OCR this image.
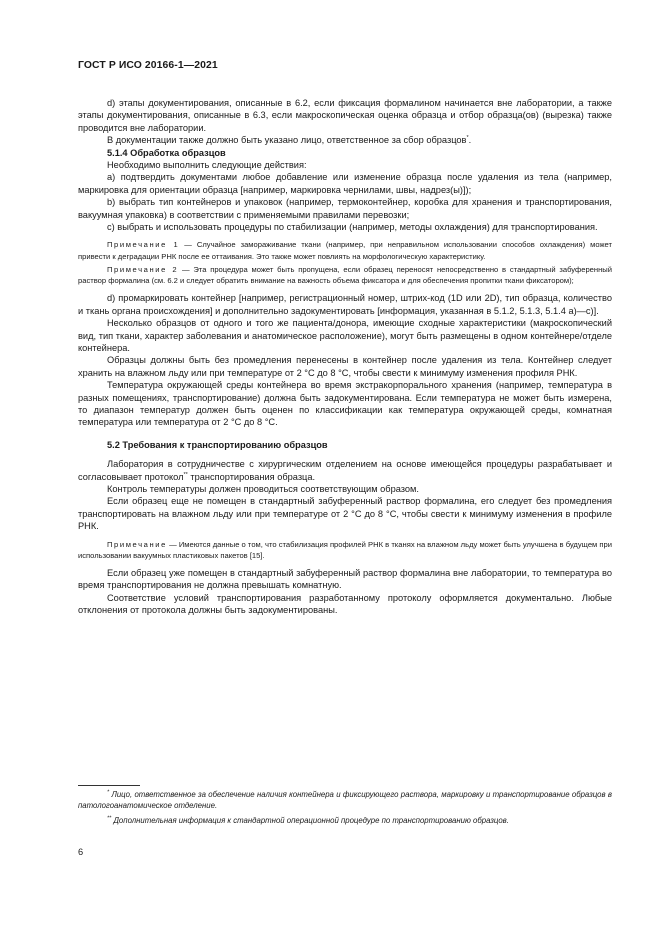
ГОСТ Р ИСО 20166-1—2021

d) этапы документирования, описанные в 6.2, если фиксация формалином начинается вне лаборатории, а также этапы документирования, описанные в 6.3, если макроскопическая оценка образца и отбор образца(ов) (вырезка) также проводится вне лаборатории.

В документации также должно быть указано лицо, ответственное за сбор образцов*.

5.1.4 Обработка образцов

Необходимо выполнить следующие действия:

a) подтвердить документами любое добавление или изменение образца после удаления из тела (например, маркировка для ориентации образца [например, маркировка чернилами, швы, надрез(ы)]);

b) выбрать тип контейнеров и упаковок (например, термоконтейнер, коробка для хранения и транспортирования, вакуумная упаковка) в соответствии с применяемыми правилами перевозки;

c) выбрать и использовать процедуры по стабилизации (например, методы охлаждения) для транспортирования.

Примечание 1 — Случайное замораживание ткани (например, при неправильном использовании способов охлаждения) может привести к деградации РНК после ее оттаивания. Это также может повлиять на морфологическую характеристику.
Примечание 2 — Эта процедура может быть пропущена, если образец переносят непосредственно в стандартный забуференный раствор формалина (см. 6.2 и следует обратить внимание на важность объема фиксатора и для обеспечения пропитки ткани фиксатором);

d) промаркировать контейнер [например, регистрационный номер, штрих-код (1D или 2D), тип образца, количество и ткань органа происхождения] и дополнительно задокументировать [информация, указанная в 5.1.2, 5.1.3, 5.1.4 a)—c)].

Несколько образцов от одного и того же пациента/донора, имеющие сходные характеристики (макроскопический вид, тип ткани, характер заболевания и анатомическое расположение), могут быть размещены в одном контейнере/отделе контейнера.

Образцы должны быть без промедления перенесены в контейнер после удаления из тела. Контейнер следует хранить на влажном льду или при температуре от 2 °С до 8 °С, чтобы свести к минимуму изменения профиля РНК.

Температура окружающей среды контейнера во время экстракорпорального хранения (например, температура в разных помещениях, транспортирование) должна быть задокументирована. Если температура не может быть измерена, то диапазон температур должен быть оценен по классификации как температура окружающей среды, комнатная температура или температура от 2 °С до 8 °С.

5.2 Требования к транспортированию образцов

Лаборатория в сотрудничестве с хирургическим отделением на основе имеющейся процедуры разрабатывает и согласовывает протокол** транспортирования образца.

Контроль температуры должен проводиться соответствующим образом.

Если образец еще не помещен в стандартный забуференный раствор формалина, его следует без промедления транспортировать на влажном льду или при температуре от 2 °С до 8 °С, чтобы свести к минимуму изменения в профиле РНК.

Примечание — Имеются данные о том, что стабилизация профилей РНК в тканях на влажном льду может быть улучшена в будущем при использовании вакуумных пластиковых пакетов [15].

Если образец уже помещен в стандартный забуференный раствор формалина вне лаборатории, то температура во время транспортирования не должна превышать комнатную.

Соответствие условий транспортирования разработанному протоколу оформляется документально. Любые отклонения от протокола должны быть задокументированы.

* Лицо, ответственное за обеспечение наличия контейнера и фиксирующего раствора, маркировку и транспортирование образцов в патологоанатомическое отделение.

** Дополнительная информация к стандартной операционной процедуре по транспортированию образцов.

6
